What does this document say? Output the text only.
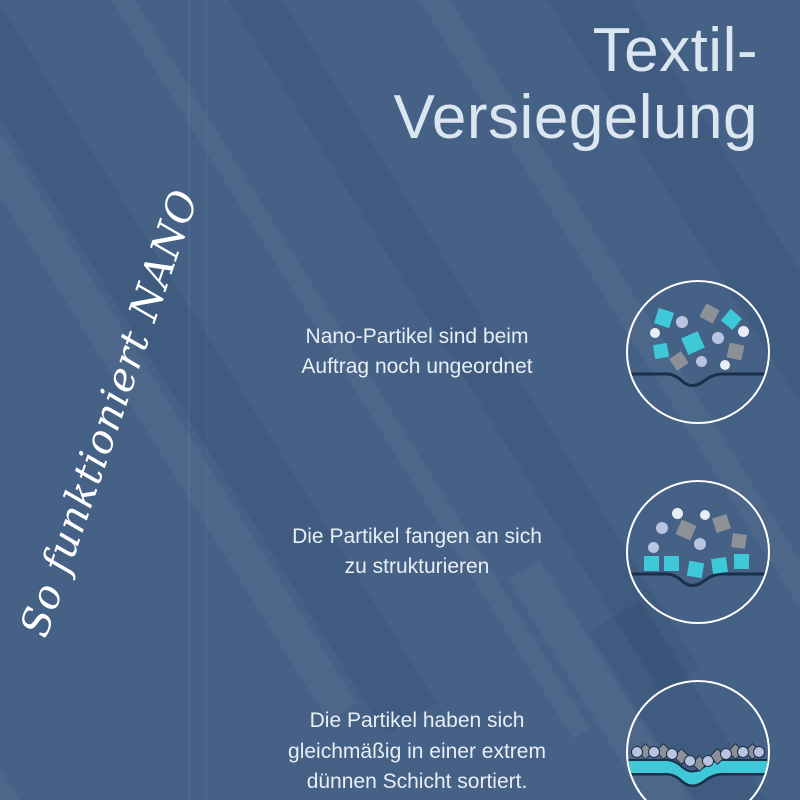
So funktioniert NANO
Textil-
Versiegelung
Nano-Partikel sind beim
Auftrag noch ungeordnet
Die Partikel fangen an sich
zu strukturieren
Die Partikel haben sich
gleichmäßig in einer extrem
dünnen Schicht sortiert.
